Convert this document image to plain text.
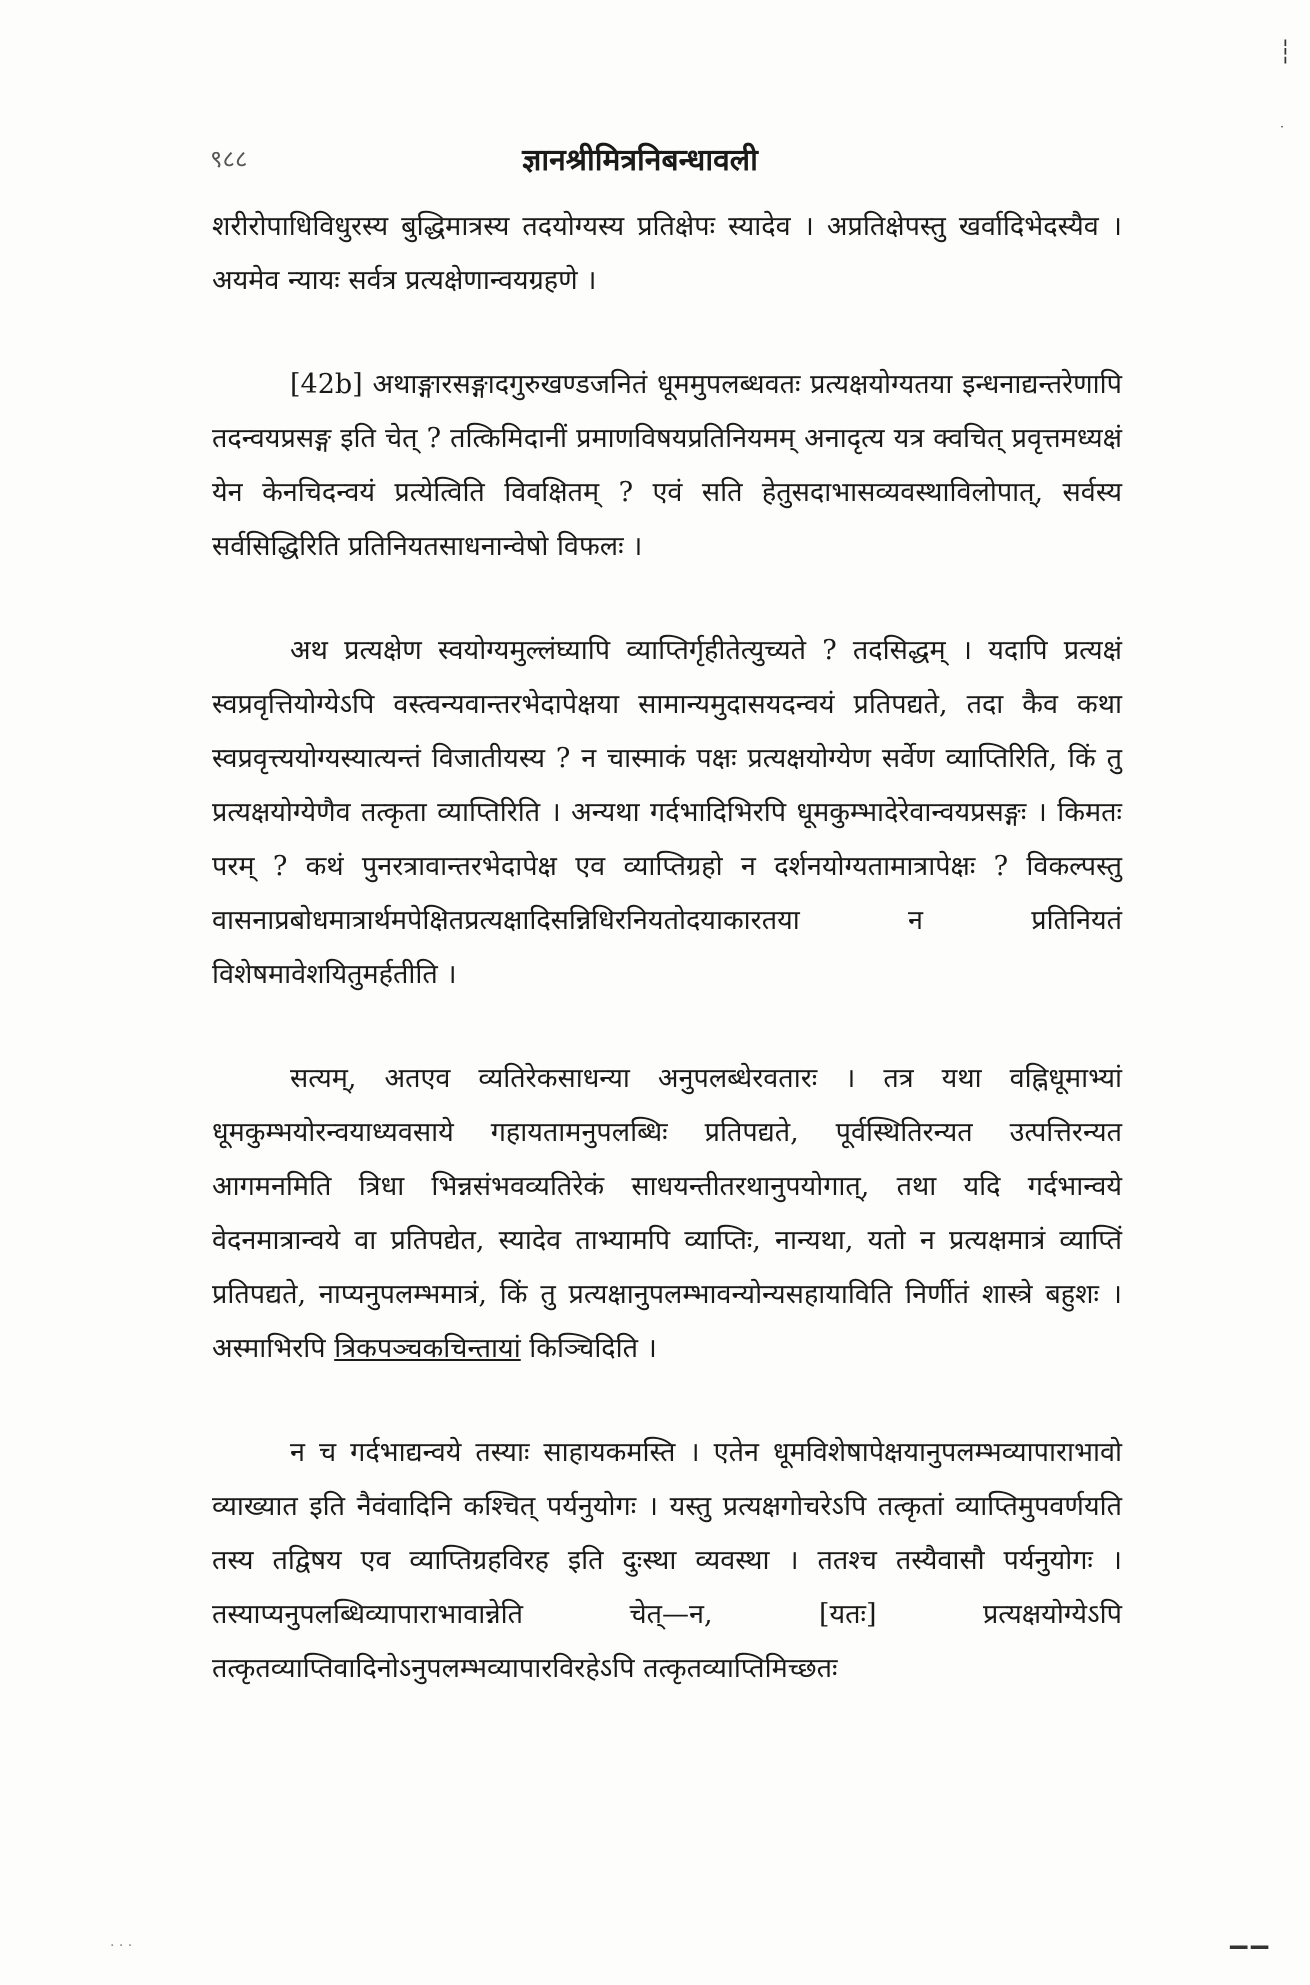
९८८	ज्ञानश्रीमित्रनिबन्धावली

शरीरोपाधिविधुरस्य बुद्धिमात्रस्य तदयोग्यस्य प्रतिक्षेपः स्यादेव । अप्रतिक्षेपस्तु खर्वादिभेदस्यैव । अयमेव न्यायः सर्वत्र प्रत्यक्षेणान्वयग्रहणे ।

[42b] अथाङ्गारसङ्गादगुरुखण्डजनितं धूममुपलब्धवतः प्रत्यक्षयोग्यतया इन्धनाद्यन्तरेणापि तदन्वयप्रसङ्ग इति चेत् ? तत्किमिदानीं प्रमाणविषयप्रतिनियमम् अनादृत्य यत्र क्वचित् प्रवृत्तमध्यक्षं येन केनचिदन्वयं प्रत्येत्विति विवक्षितम् ? एवं सति हेतुसदाभासव्यवस्थाविलोपात्, सर्वस्य सर्वसिद्धिरिति प्रतिनियतसाधनान्वेषो विफलः ।

अथ प्रत्यक्षेण स्वयोग्यमुल्लंघ्यापि व्याप्तिर्गृहीतेत्युच्यते ? तदसिद्धम् । यदापि प्रत्यक्षं स्वप्रवृत्तियोग्येऽपि वस्त्वन्यवान्तरभेदापेक्षया सामान्यमुदासयदन्वयं प्रतिपद्यते, तदा कैव कथा स्वप्रवृत्त्ययोग्यस्यात्यन्तं विजातीयस्य ? न चास्माकं पक्षः प्रत्यक्षयोग्येण सर्वेण व्याप्तिरिति, किं तु प्रत्यक्षयोग्येणैव तत्कृता व्याप्तिरिति । अन्यथा गर्दभादिभिरपि धूमकुम्भादेरेवान्वयप्रसङ्गः । किमतः परम् ? कथं पुनरत्रावान्तरभेदापेक्ष एव व्याप्तिग्रहो न दर्शनयोग्यतामात्रापेक्षः ? विकल्पस्तु वासनाप्रबोधमात्रार्थमपेक्षितप्रत्यक्षादिसन्निधिरनियतोदयाकारतया न प्रतिनियतं विशेषमावेशयितुमर्हतीति ।

सत्यम्, अतएव व्यतिरेकसाधन्या अनुपलब्धेरवतारः । तत्र यथा वह्निधूमाभ्यां धूमकुम्भयोरन्वयाध्यवसाये गहायतामनुपलब्धिः प्रतिपद्यते, पूर्वस्थितिरन्यत उत्पत्तिरन्यत आगमनमिति त्रिधा भिन्नसंभवव्यतिरेकं साधयन्तीतरथानुपयोगात्, तथा यदि गर्दभान्वये वेदनमात्रान्वये वा प्रतिपद्येत, स्यादेव ताभ्यामपि व्याप्तिः, नान्यथा, यतो न प्रत्यक्षमात्रं व्याप्तिं प्रतिपद्यते, नाप्यनुपलम्भमात्रं, किं तु प्रत्यक्षानुपलम्भावन्योन्यसहायाविति निर्णीतं शास्त्रे बहुशः । अस्माभिरपि त्रिकपञ्चकचिन्तायां किञ्चिदिति ।

न च गर्दभाद्यन्वये तस्याः साहायकमस्ति । एतेन धूमविशेषापेक्षयानुपलम्भव्यापाराभावो व्याख्यात इति नैवंवादिनि कश्चित् पर्यनुयोगः । यस्तु प्रत्यक्षगोचरेऽपि तत्कृतां व्याप्तिमुपवर्णयति तस्य तद्विषय एव व्याप्तिग्रहविरह इति दुःस्था व्यवस्था । ततश्च तस्यैवासौ पर्यनुयोगः । तस्याप्यनुपलब्धिव्यापाराभावान्नेति चेत्—न, [यतः] प्रत्यक्षयोग्येऽपि तत्कृतव्याप्तिवादिनोऽनुपलम्भव्यापारविरहेऽपि तत्कृतव्याप्तिमिच्छतः

┆
·
‒‒
· · ·
